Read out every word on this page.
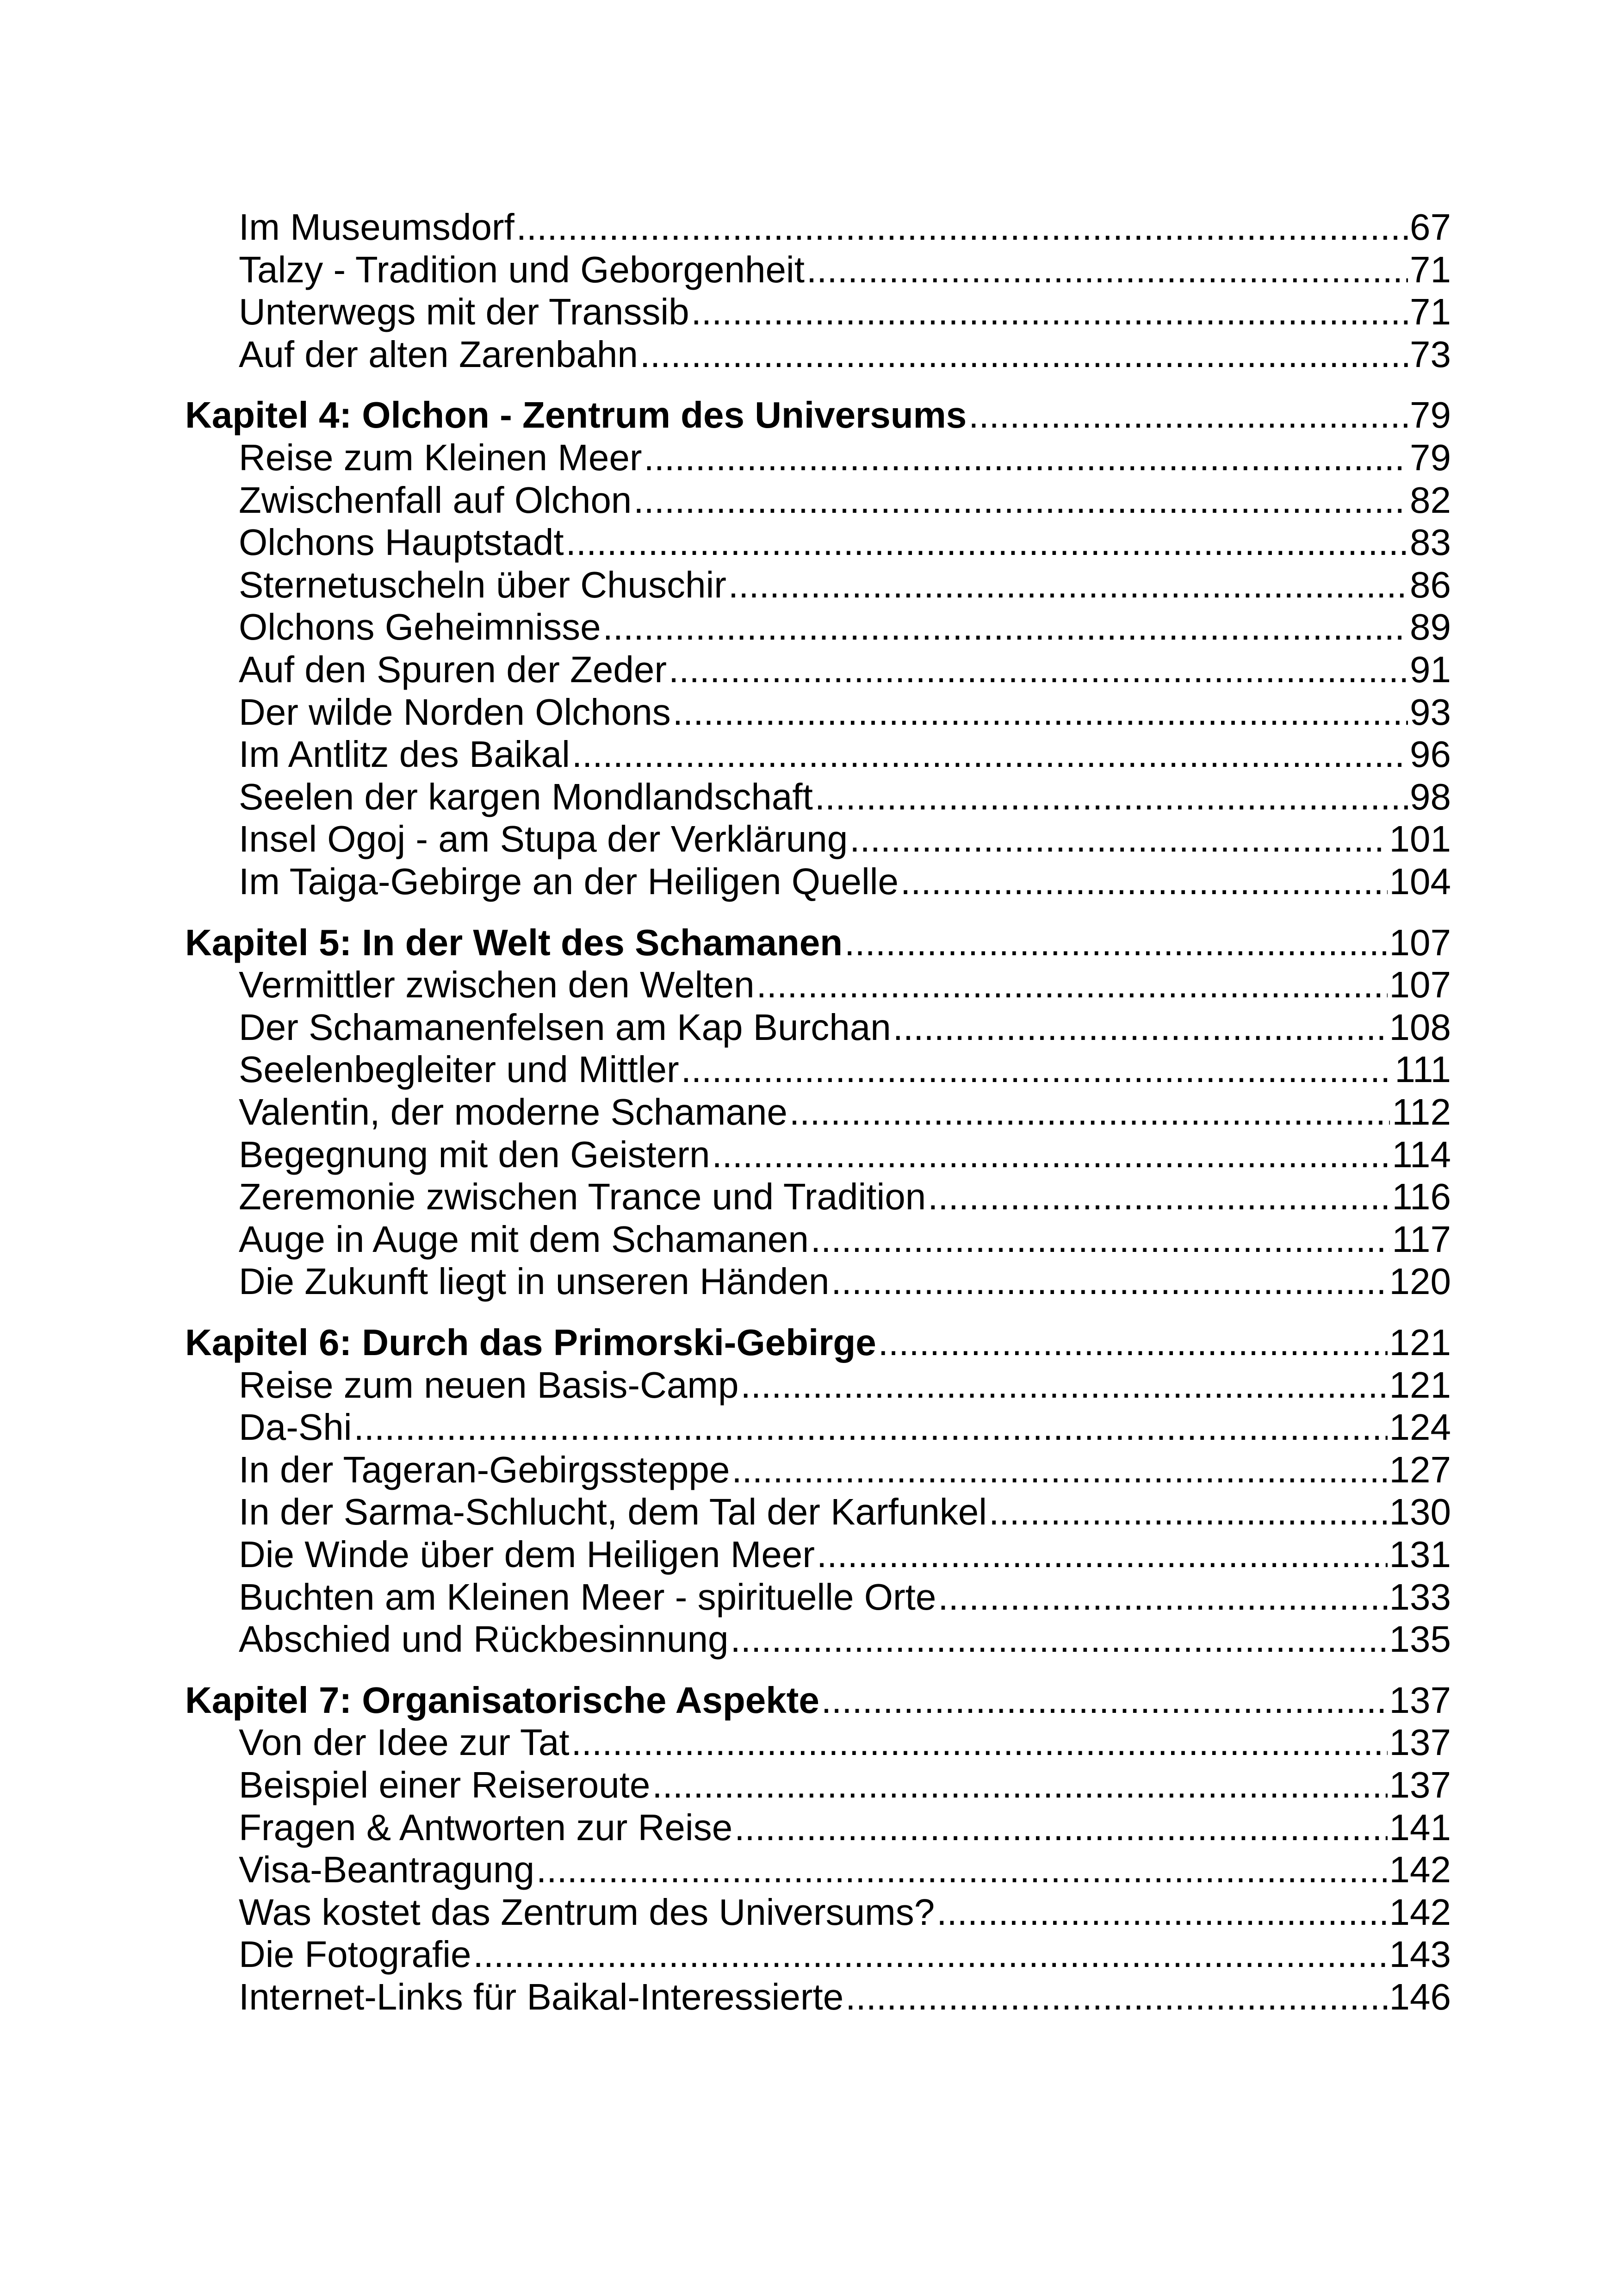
Im Museumsdorf .....	67
Talzy - Tradition und Geborgenheit .....	71
Unterwegs mit der Transsib .....	71
Auf der alten Zarenbahn .....	73
Kapitel 4: Olchon - Zentrum des Universums .....	79
Reise zum Kleinen Meer .....	79
Zwischenfall auf Olchon .....	82
Olchons Hauptstadt .....	83
Sternetuscheln über Chuschir .....	86
Olchons Geheimnisse .....	89
Auf den Spuren der Zeder .....	91
Der wilde Norden Olchons .....	93
Im Antlitz des Baikal .....	96
Seelen der kargen Mondlandschaft .....	98
Insel Ogoj - am Stupa der Verklärung .....	101
Im Taiga-Gebirge an der Heiligen Quelle .....	104
Kapitel 5: In der Welt des Schamanen .....	107
Vermittler zwischen den Welten .....	107
Der Schamanenfelsen am Kap Burchan .....	108
Seelenbegleiter und Mittler .....	111
Valentin, der moderne Schamane .....	112
Begegnung mit den Geistern .....	114
Zeremonie zwischen Trance und Tradition .....	116
Auge in Auge mit dem Schamanen .....	117
Die Zukunft liegt in unseren Händen .....	120
Kapitel 6: Durch das Primorski-Gebirge .....	121
Reise zum neuen Basis-Camp .....	121
Da-Shi .....	124
In der Tageran-Gebirgssteppe .....	127
In der Sarma-Schlucht, dem Tal der Karfunkel .....	130
Die Winde über dem Heiligen Meer .....	131
Buchten am Kleinen Meer - spirituelle Orte .....	133
Abschied und Rückbesinnung .....	135
Kapitel 7: Organisatorische Aspekte .....	137
Von der Idee zur Tat .....	137
Beispiel einer Reiseroute .....	137
Fragen & Antworten zur Reise .....	141
Visa-Beantragung .....	142
Was kostet das Zentrum des Universums? .....	142
Die Fotografie .....	143
Internet-Links für Baikal-Interessierte .....	146
